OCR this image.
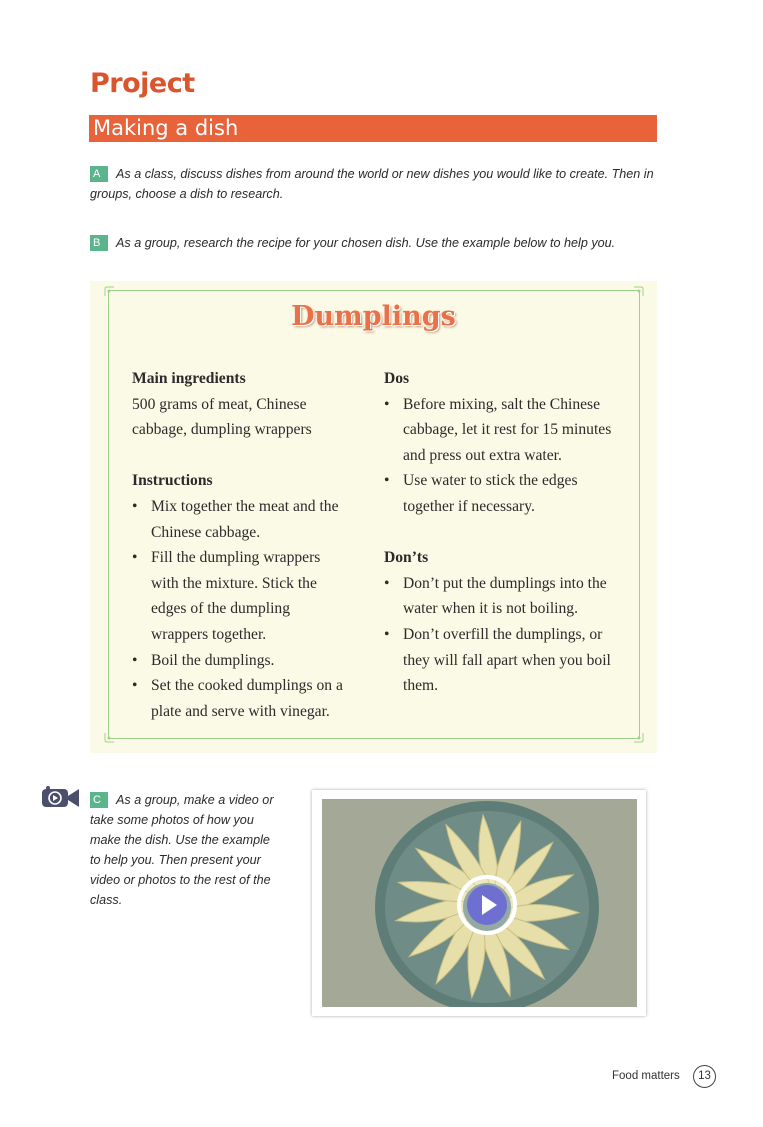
Project
Making a dish
A As a class, discuss dishes from around the world or new dishes you would like to create. Then in groups, choose a dish to research.
B As a group, research the recipe for your chosen dish. Use the example below to help you.
Dumplings
Main ingredients

500 grams of meat, Chinese cabbage, dumpling wrappers

Instructions
• Mix together the meat and the Chinese cabbage.
• Fill the dumpling wrappers with the mixture. Stick the edges of the dumpling wrappers together.
• Boil the dumplings.
• Set the cooked dumplings on a plate and serve with vinegar.
Dos
• Before mixing, salt the Chinese cabbage, let it rest for 15 minutes and press out extra water.
• Use water to stick the edges together if necessary.
Don’ts
• Don’t put the dumplings into the water when it is not boiling.
• Don’t overfill the dumplings, or they will fall apart when you boil them.
C As a group, make a video or take some photos of how you make the dish. Use the example to help you. Then present your video or photos to the rest of the class.
Food matters	13
